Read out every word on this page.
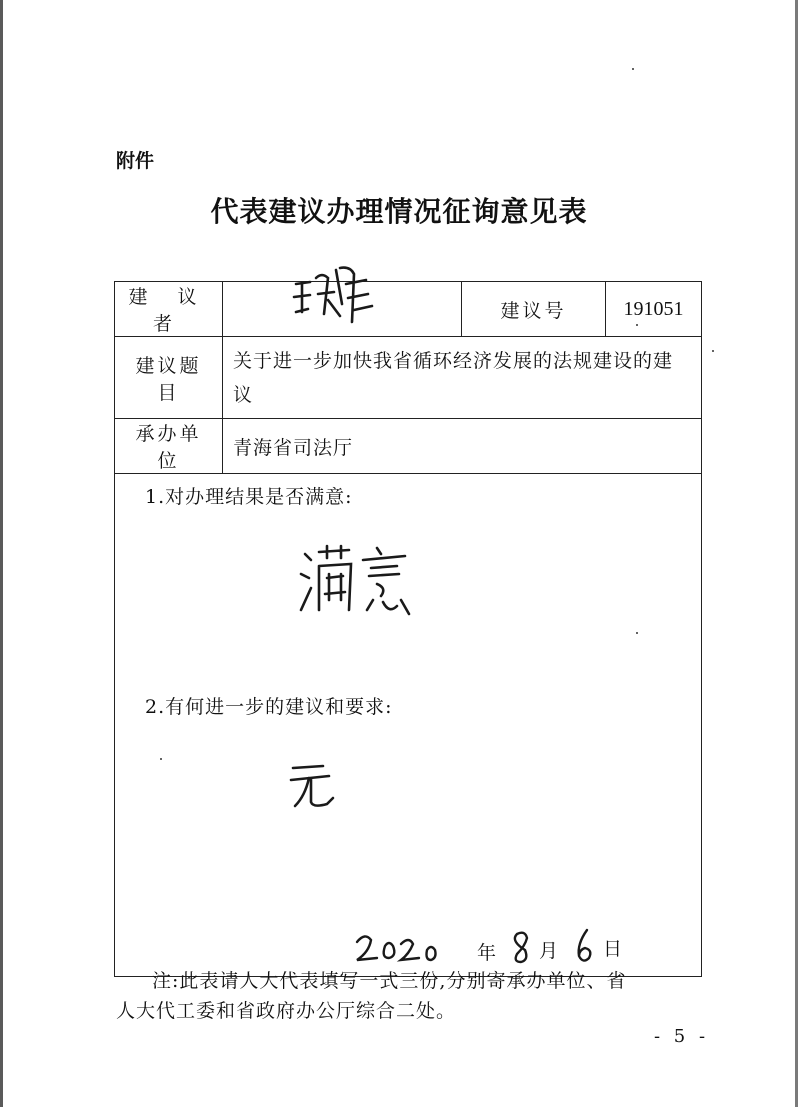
附件
代表建议办理情况征询意见表
建 议 者		建议号	191051
建议题目	关于进一步加快我省循环经济发展的法规建设的建议		
承办单位	青海省司法厅		

1.对办理结果是否满意:
2.有何进一步的建议和要求:
年 月 日			
注:此表请人大代表填写一式三份,分别寄承办单位、省
人大代工委和省政府办公厅综合二处。
- 5 -
